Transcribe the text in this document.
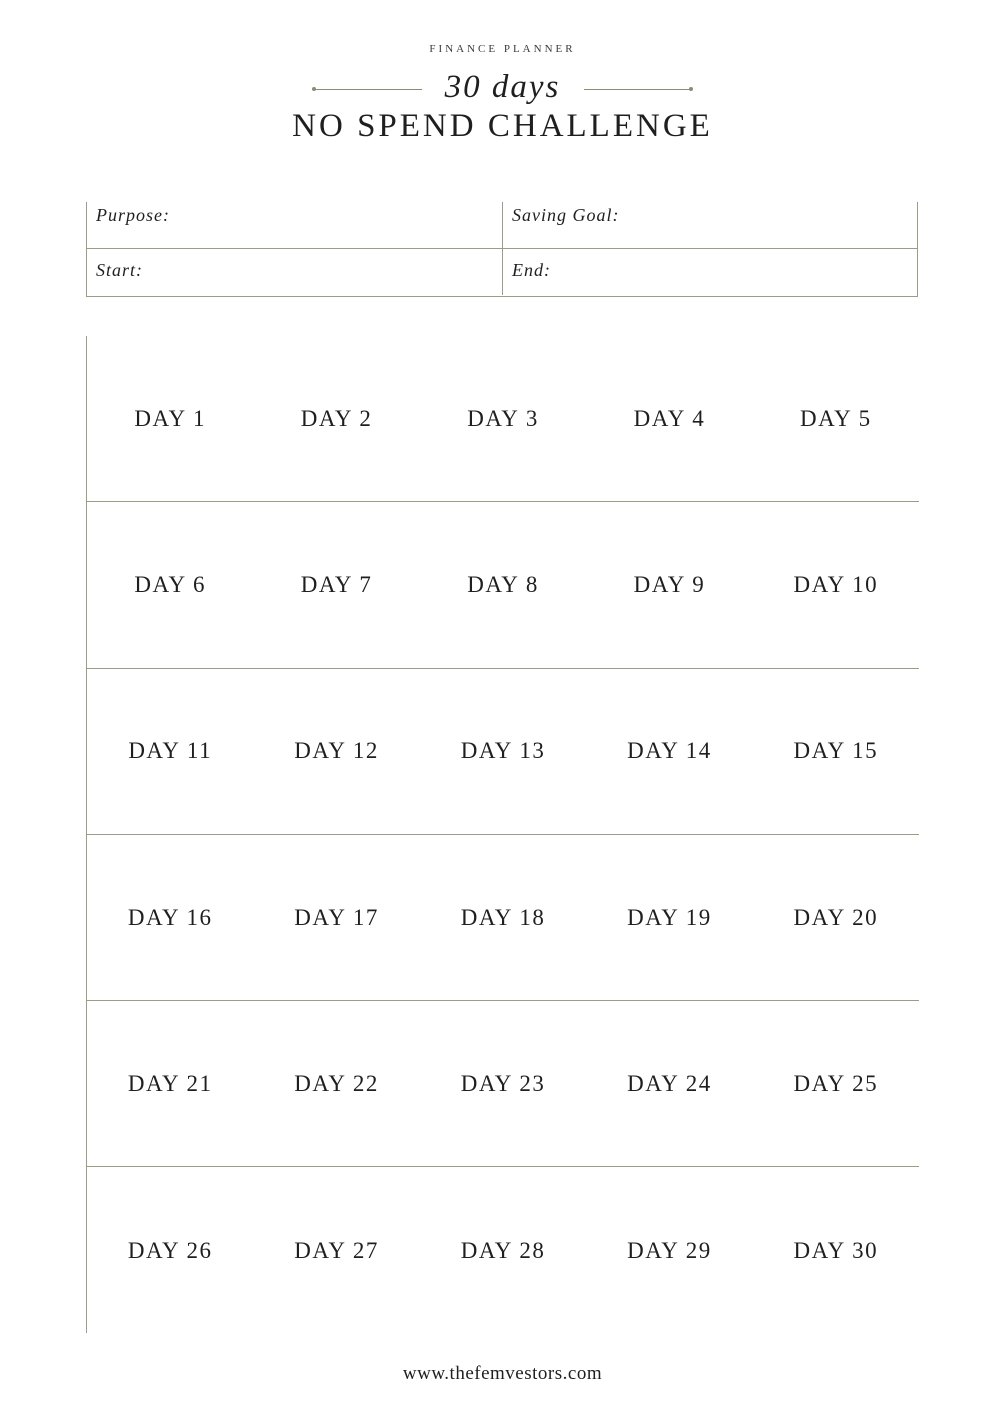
FINANCE PLANNER
30 days
NO SPEND CHALLENGE
Purpose:	Saving Goal:
Start:	End:
DAY 1	DAY 2	DAY 3	DAY 4	DAY 5
DAY 6	DAY 7	DAY 8	DAY 9	DAY 10
DAY 11	DAY 12	DAY 13	DAY 14	DAY 15
DAY 16	DAY 17	DAY 18	DAY 19	DAY 20
DAY 21	DAY 22	DAY 23	DAY 24	DAY 25
DAY 26	DAY 27	DAY 28	DAY 29	DAY 30
www.thefemvestors.com
